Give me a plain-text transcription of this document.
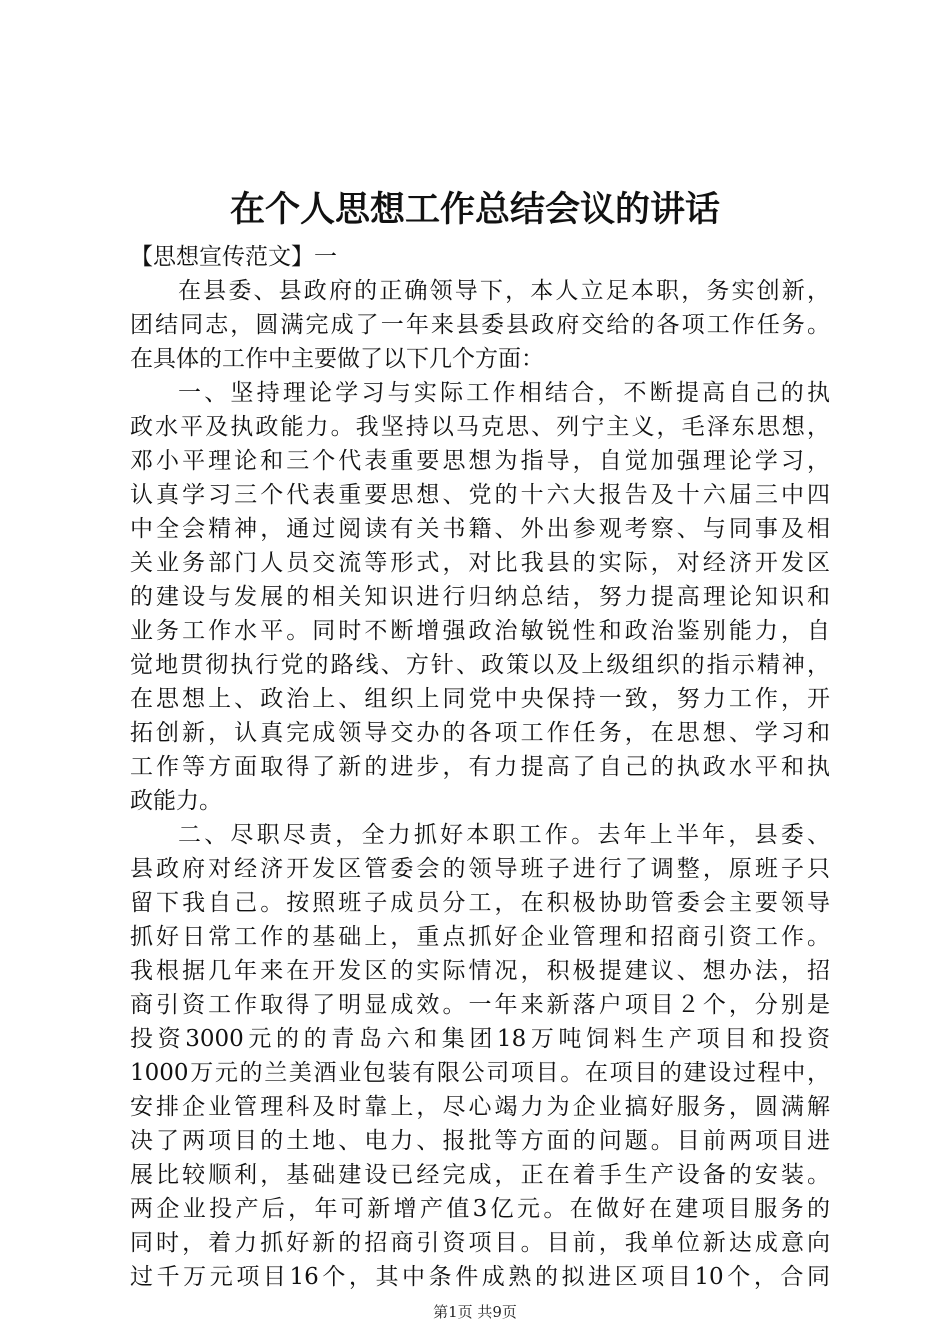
在个人思想工作总结会议的讲话
【思想宣传范文】一
在县委、县政府的正确领导下，本人立足本职，务实创新，
团结同志，圆满完成了一年来县委县政府交给的各项工作任务。
在具体的工作中主要做了以下几个方面：
一、坚持理论学习与实际工作相结合，不断提高自己的执
政水平及执政能力。我坚持以马克思、列宁主义，毛泽东思想，
邓小平理论和三个代表重要思想为指导，自觉加强理论学习，
认真学习三个代表重要思想、党的十六大报告及十六届三中四
中全会精神，通过阅读有关书籍、外出参观考察、与同事及相
关业务部门人员交流等形式，对比我县的实际，对经济开发区
的建设与发展的相关知识进行归纳总结，努力提高理论知识和
业务工作水平。同时不断增强政治敏锐性和政治鉴别能力，自
觉地贯彻执行党的路线、方针、政策以及上级组织的指示精神，
在思想上、政治上、组织上同党中央保持一致，努力工作，开
拓创新，认真完成领导交办的各项工作任务，在思想、学习和
工作等方面取得了新的进步，有力提高了自己的执政水平和执
政能力。
二、尽职尽责，全力抓好本职工作。去年上半年，县委、
县政府对经济开发区管委会的领导班子进行了调整，原班子只
留下我自己。按照班子成员分工，在积极协助管委会主要领导
抓好日常工作的基础上，重点抓好企业管理和招商引资工作。
我根据几年来在开发区的实际情况，积极提建议、想办法，招
商引资工作取得了明显成效。一年来新落户项目２个，分别是
投资3000元的的青岛六和集团18万吨饲料生产项目和投资
1000万元的兰美酒业包装有限公司项目。在项目的建设过程中，
安排企业管理科及时靠上，尽心竭力为企业搞好服务，圆满解
决了两项目的土地、电力、报批等方面的问题。目前两项目进
展比较顺利，基础建设已经完成，正在着手生产设备的安装。
两企业投产后，年可新增产值3亿元。在做好在建项目服务的
同时，着力抓好新的招商引资项目。目前，我单位新达成意向
过千万元项目16个，其中条件成熟的拟进区项目10个，合同
第1页 共9页
